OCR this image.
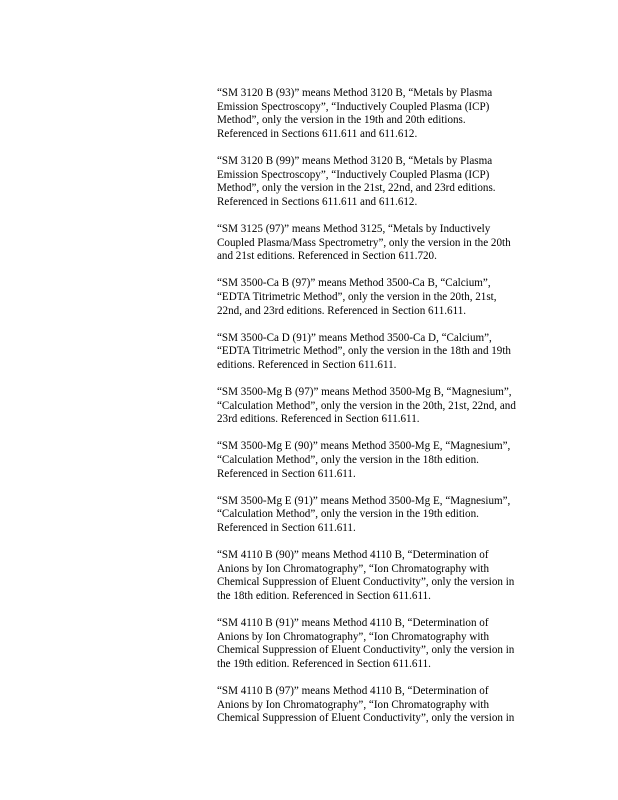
“SM 3120 B (93)” means Method 3120 B, “Metals by Plasma
Emission Spectroscopy”, “Inductively Coupled Plasma (ICP)
Method”, only the version in the 19th and 20th editions.
Referenced in Sections 611.611 and 611.612.

“SM 3120 B (99)” means Method 3120 B, “Metals by Plasma
Emission Spectroscopy”, “Inductively Coupled Plasma (ICP)
Method”, only the version in the 21st, 22nd, and 23rd editions.
Referenced in Sections 611.611 and 611.612.

“SM 3125 (97)” means Method 3125, “Metals by Inductively
Coupled Plasma/Mass Spectrometry”, only the version in the 20th
and 21st editions. Referenced in Section 611.720.

“SM 3500-Ca B (97)” means Method 3500-Ca B, “Calcium”,
“EDTA Titrimetric Method”, only the version in the 20th, 21st,
22nd, and 23rd editions. Referenced in Section 611.611.

“SM 3500-Ca D (91)” means Method 3500-Ca D, “Calcium”,
“EDTA Titrimetric Method”, only the version in the 18th and 19th
editions. Referenced in Section 611.611.

“SM 3500-Mg B (97)” means Method 3500-Mg B, “Magnesium”,
“Calculation Method”, only the version in the 20th, 21st, 22nd, and
23rd editions. Referenced in Section 611.611.

“SM 3500-Mg E (90)” means Method 3500-Mg E, “Magnesium”,
“Calculation Method”, only the version in the 18th edition.
Referenced in Section 611.611.

“SM 3500-Mg E (91)” means Method 3500-Mg E, “Magnesium”,
“Calculation Method”, only the version in the 19th edition.
Referenced in Section 611.611.

“SM 4110 B (90)” means Method 4110 B, “Determination of
Anions by Ion Chromatography”, “Ion Chromatography with
Chemical Suppression of Eluent Conductivity”, only the version in
the 18th edition. Referenced in Section 611.611.

“SM 4110 B (91)” means Method 4110 B, “Determination of
Anions by Ion Chromatography”, “Ion Chromatography with
Chemical Suppression of Eluent Conductivity”, only the version in
the 19th edition. Referenced in Section 611.611.

“SM 4110 B (97)” means Method 4110 B, “Determination of
Anions by Ion Chromatography”, “Ion Chromatography with
Chemical Suppression of Eluent Conductivity”, only the version in
